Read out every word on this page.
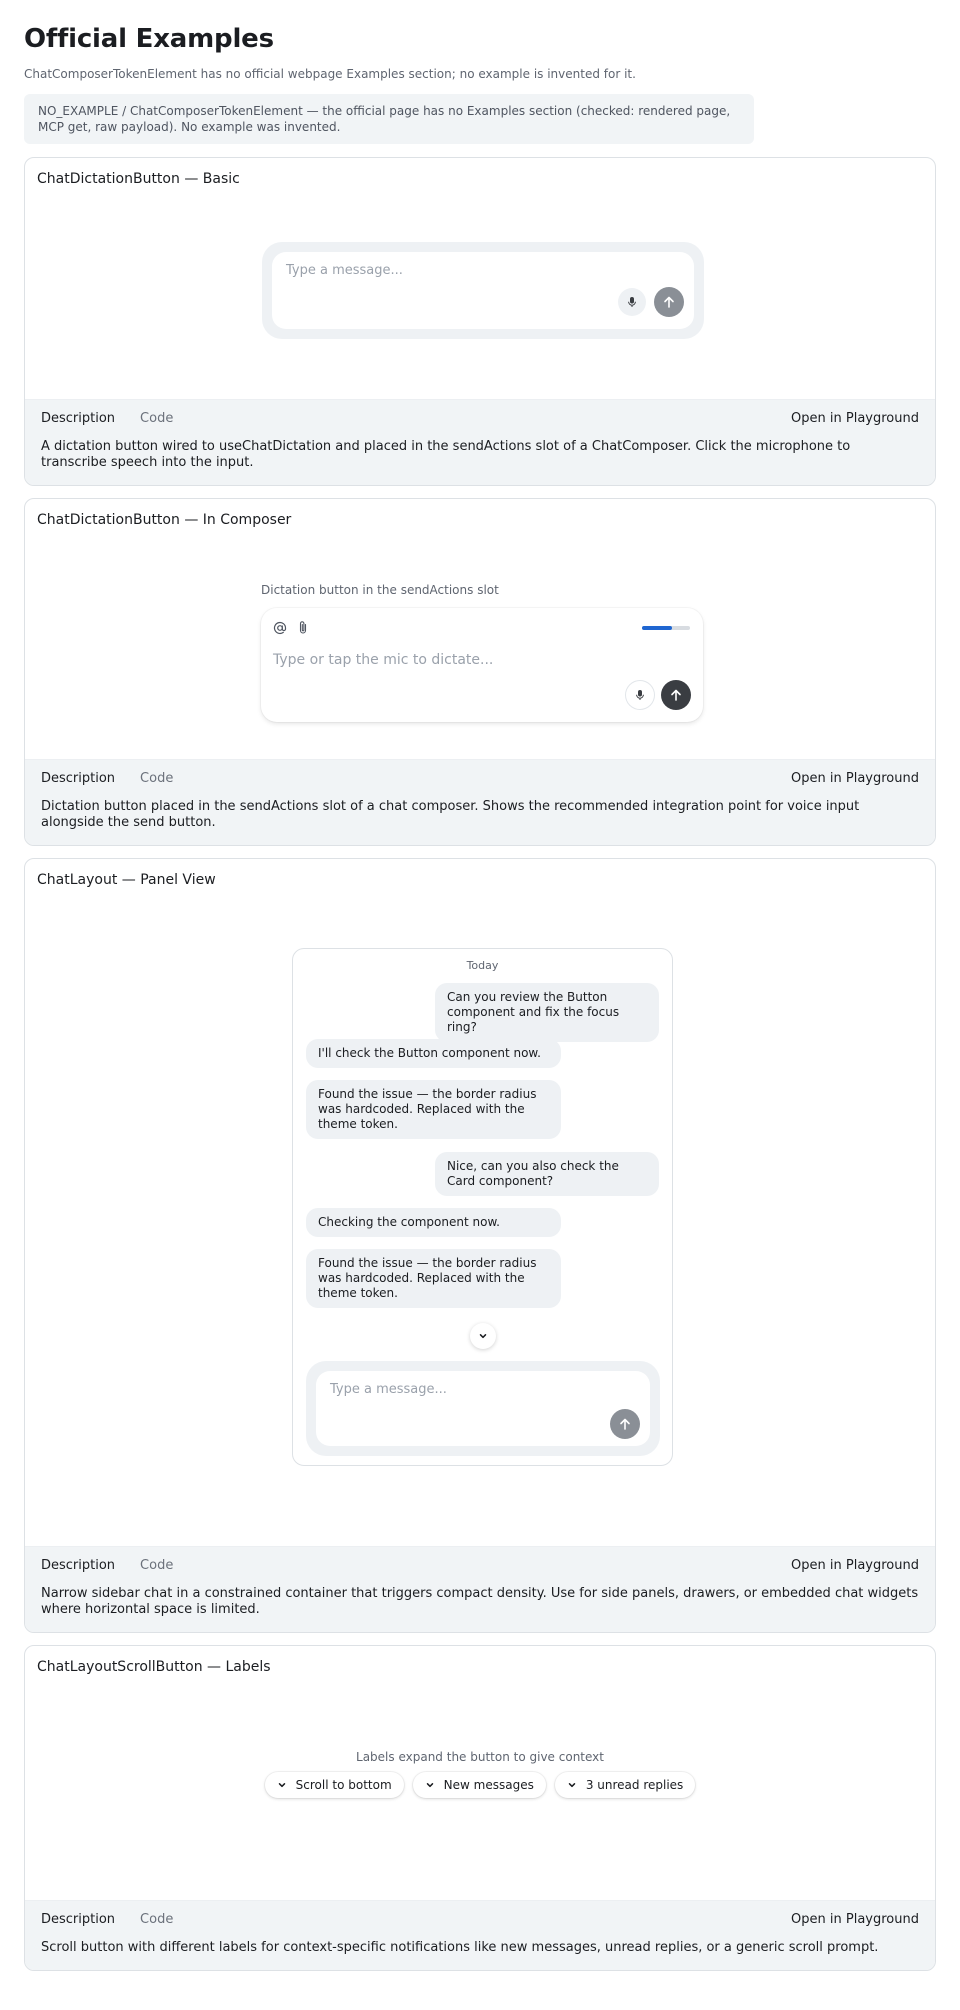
Official Examples

ChatComposerTokenElement has no official webpage Examples section; no example is invented for it.

NO_EXAMPLE / ChatComposerTokenElement — the official page has no Examples section (checked: rendered page, MCP get, raw payload). No example was invented.
ChatDictationButton — Basic
Type a message...
Description Code	Open in Playground
A dictation button wired to useChatDictation and placed in the sendActions slot of a ChatComposer. Click the microphone to transcribe speech into the input.
ChatDictationButton — In Composer
Dictation button in the sendActions slot
Type or tap the mic to dictate...
Description Code	Open in Playground
Dictation button placed in the sendActions slot of a chat composer. Shows the recommended integration point for voice input alongside the send button.
ChatLayout — Panel View
Today
Can you review the Button component and fix the focus ring?
I'll check the Button component now.
Found the issue — the border radius was hardcoded. Replaced with the theme token.
Nice, can you also check the Card component?
Checking the component now.
Found the issue — the border radius was hardcoded. Replaced with the theme token.
Type a message...
Description Code	Open in Playground
Narrow sidebar chat in a constrained container that triggers compact density. Use for side panels, drawers, or embedded chat widgets where horizontal space is limited.
ChatLayoutScrollButton — Labels
Labels expand the button to give context
Scroll to bottom	New messages	3 unread replies
Description Code	Open in Playground
Scroll button with different labels for context-specific notifications like new messages, unread replies, or a generic scroll prompt.
